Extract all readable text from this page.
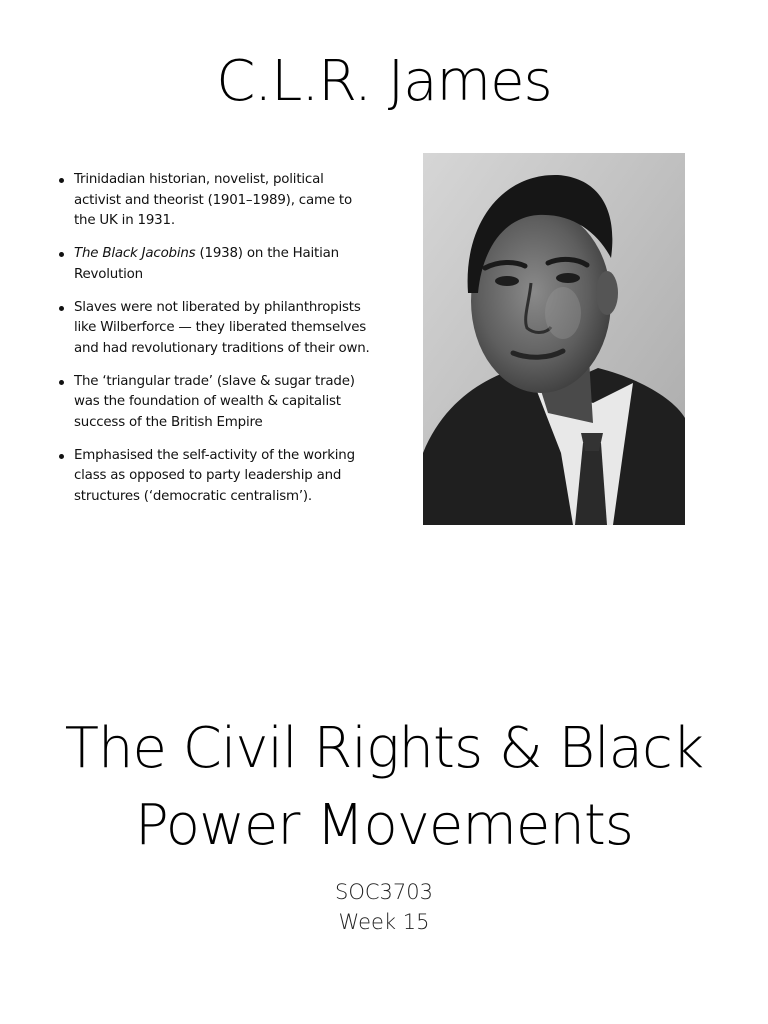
C.L.R. James
Trinidadian historian, novelist, political activist and theorist (1901–1989), came to the UK in 1931.
The Black Jacobins (1938) on the Haitian Revolution
Slaves were not liberated by philanthropists like Wilberforce — they liberated themselves and had revolutionary traditions of their own.
The ‘triangular trade’ (slave & sugar trade) was the foundation of wealth & capitalist success of the British Empire
Emphasised the self-activity of the working class as opposed to party leadership and structures (‘democratic centralism’).
The Civil Rights & Black
Power Movements
SOC3703
Week 15
